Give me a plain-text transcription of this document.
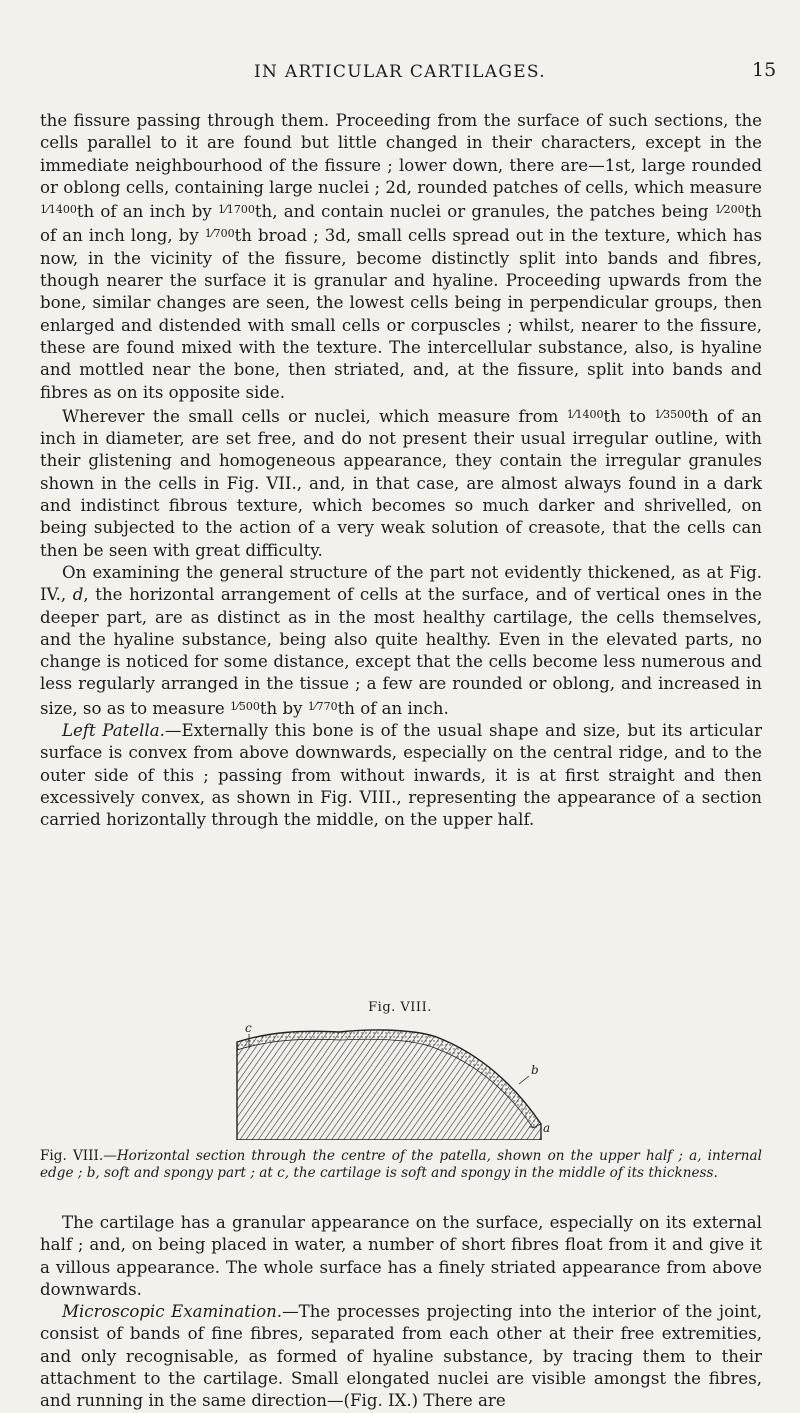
IN ARTICULAR CARTILAGES.	15

the fissure passing through them. Proceeding from the surface of such sections, the cells parallel to it are found but little changed in their characters, except in the immediate neighbourhood of the fissure ; lower down, there are—1st, large rounded or oblong cells, containing large nuclei ; 2d, rounded patches of cells, which measure $^{1⁄1400}$th of an inch by $^{1⁄1700}$th, and contain nuclei or granules, the patches being $^{1⁄200}$th of an inch long, by $^{1⁄700}$th broad ; 3d, small cells spread out in the texture, which has now, in the vicinity of the fissure, become distinctly split into bands and fibres, though nearer the surface it is granular and hyaline. Proceeding upwards from the bone, similar changes are seen, the lowest cells being in perpendicular groups, then enlarged and distended with small cells or corpuscles ; whilst, nearer to the fissure, these are found mixed with the texture. The intercellular substance, also, is hyaline and mottled near the bone, then striated, and, at the fissure, split into bands and fibres as on its opposite side.

Wherever the small cells or nuclei, which measure from $^{1⁄1400}$th to $^{1⁄3500}$th of an inch in diameter, are set free, and do not present their usual irregular outline, with their glistening and homogeneous appearance, they contain the irregular granules shown in the cells in Fig. VII., and, in that case, are almost always found in a dark and indistinct fibrous texture, which becomes so much darker and shrivelled, on being subjected to the action of a very weak solution of creasote, that the cells can then be seen with great difficulty.

On examining the general structure of the part not evidently thickened, as at Fig. IV., d, the horizontal arrangement of cells at the surface, and of vertical ones in the deeper part, are as distinct as in the most healthy cartilage, the cells themselves, and the hyaline substance, being also quite healthy. Even in the elevated parts, no change is noticed for some distance, except that the cells become less numerous and less regularly arranged in the tissue ; a few are rounded or oblong, and increased in size, so as to measure $^{1⁄500}$th by $^{1⁄770}$th of an inch.

Left Patella.—Externally this bone is of the usual shape and size, but its articular surface is convex from above downwards, especially on the central ridge, and to the outer side of this ; passing from without inwards, it is at first straight and then excessively convex, as shown in Fig. VIII., representing the appearance of a section carried horizontally through the middle, on the upper half.

Fig. VIII.
c
b
a
Fig. VIII.—Horizontal section through the centre of the patella, shown on the upper half ; a, internal edge ; b, soft and spongy part ; at c, the cartilage is soft and spongy in the middle of its thickness.

The cartilage has a granular appearance on the surface, especially on its external half ; and, on being placed in water, a number of short fibres float from it and give it a villous appearance. The whole surface has a finely striated appearance from above downwards.

Microscopic Examination.—The processes projecting into the interior of the joint, consist of bands of fine fibres, separated from each other at their free extremities, and only recognisable, as formed of hyaline substance, by tracing them to their attachment to the cartilage. Small elongated nuclei are visible amongst the fibres, and running in the same direction—(Fig. IX.) There are
